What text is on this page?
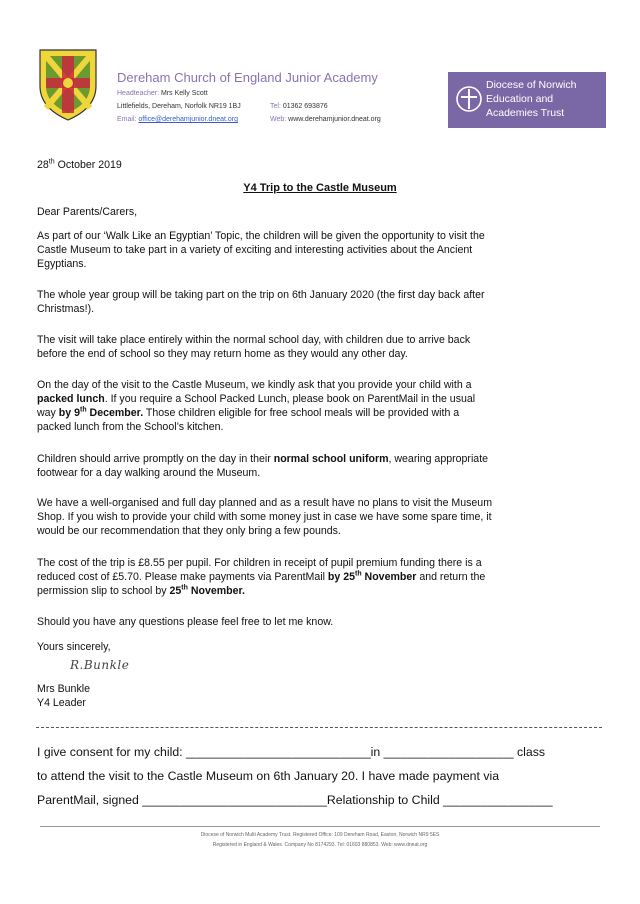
Dereham Church of England Junior Academy
Headteacher: Mrs Kelly Scott
Littlefields, Dereham, Norfolk NR19 1BJ	Tel: 01362 693876
Email: office@derehamjunior.dneat.org	Web: www.derehamjunior.dneat.org
Diocese of Norwich
Education and
Academies Trust
28th October 2019
Y4 Trip to the Castle Museum
Dear Parents/Carers,
As part of our ‘Walk Like an Egyptian’ Topic, the children will be given the opportunity to visit the
Castle Museum to take part in a variety of exciting and interesting activities about the Ancient
Egyptians.
The whole year group will be taking part on the trip on 6th January 2020 (the first day back after
Christmas!).
The visit will take place entirely within the normal school day, with children due to arrive back
before the end of school so they may return home as they would any other day.
On the day of the visit to the Castle Museum, we kindly ask that you provide your child with a
packed lunch. If you require a School Packed Lunch, please book on ParentMail in the usual
way by 9th December. Those children eligible for free school meals will be provided with a
packed lunch from the School’s kitchen.
Children should arrive promptly on the day in their normal school uniform, wearing appropriate
footwear for a day walking around the Museum.
We have a well-organised and full day planned and as a result have no plans to visit the Museum
Shop. If you wish to provide your child with some money just in case we have some spare time, it
would be our recommendation that they only bring a few pounds.
The cost of the trip is £8.55 per pupil. For children in receipt of pupil premium funding there is a
reduced cost of £5.70. Please make payments via ParentMail by 25th November and return the
permission slip to school by 25th November.
Should you have any questions please feel free to let me know.
Yours sincerely,
R.Bunkle
Mrs Bunkle
Y4 Leader
I give consent for my child: ___________________________in ___________________ class
to attend the visit to the Castle Museum on 6th January 20. I have made payment via
ParentMail, signed ___________________________Relationship to Child ________________
Diocese of Norwich Multi Academy Trust. Registered Office: 109 Dereham Road, Easton, Norwich NR9 5ES
Registered in England & Wales. Company No 8174293. Tel: 01603 880853. Web: www.dneat.org
